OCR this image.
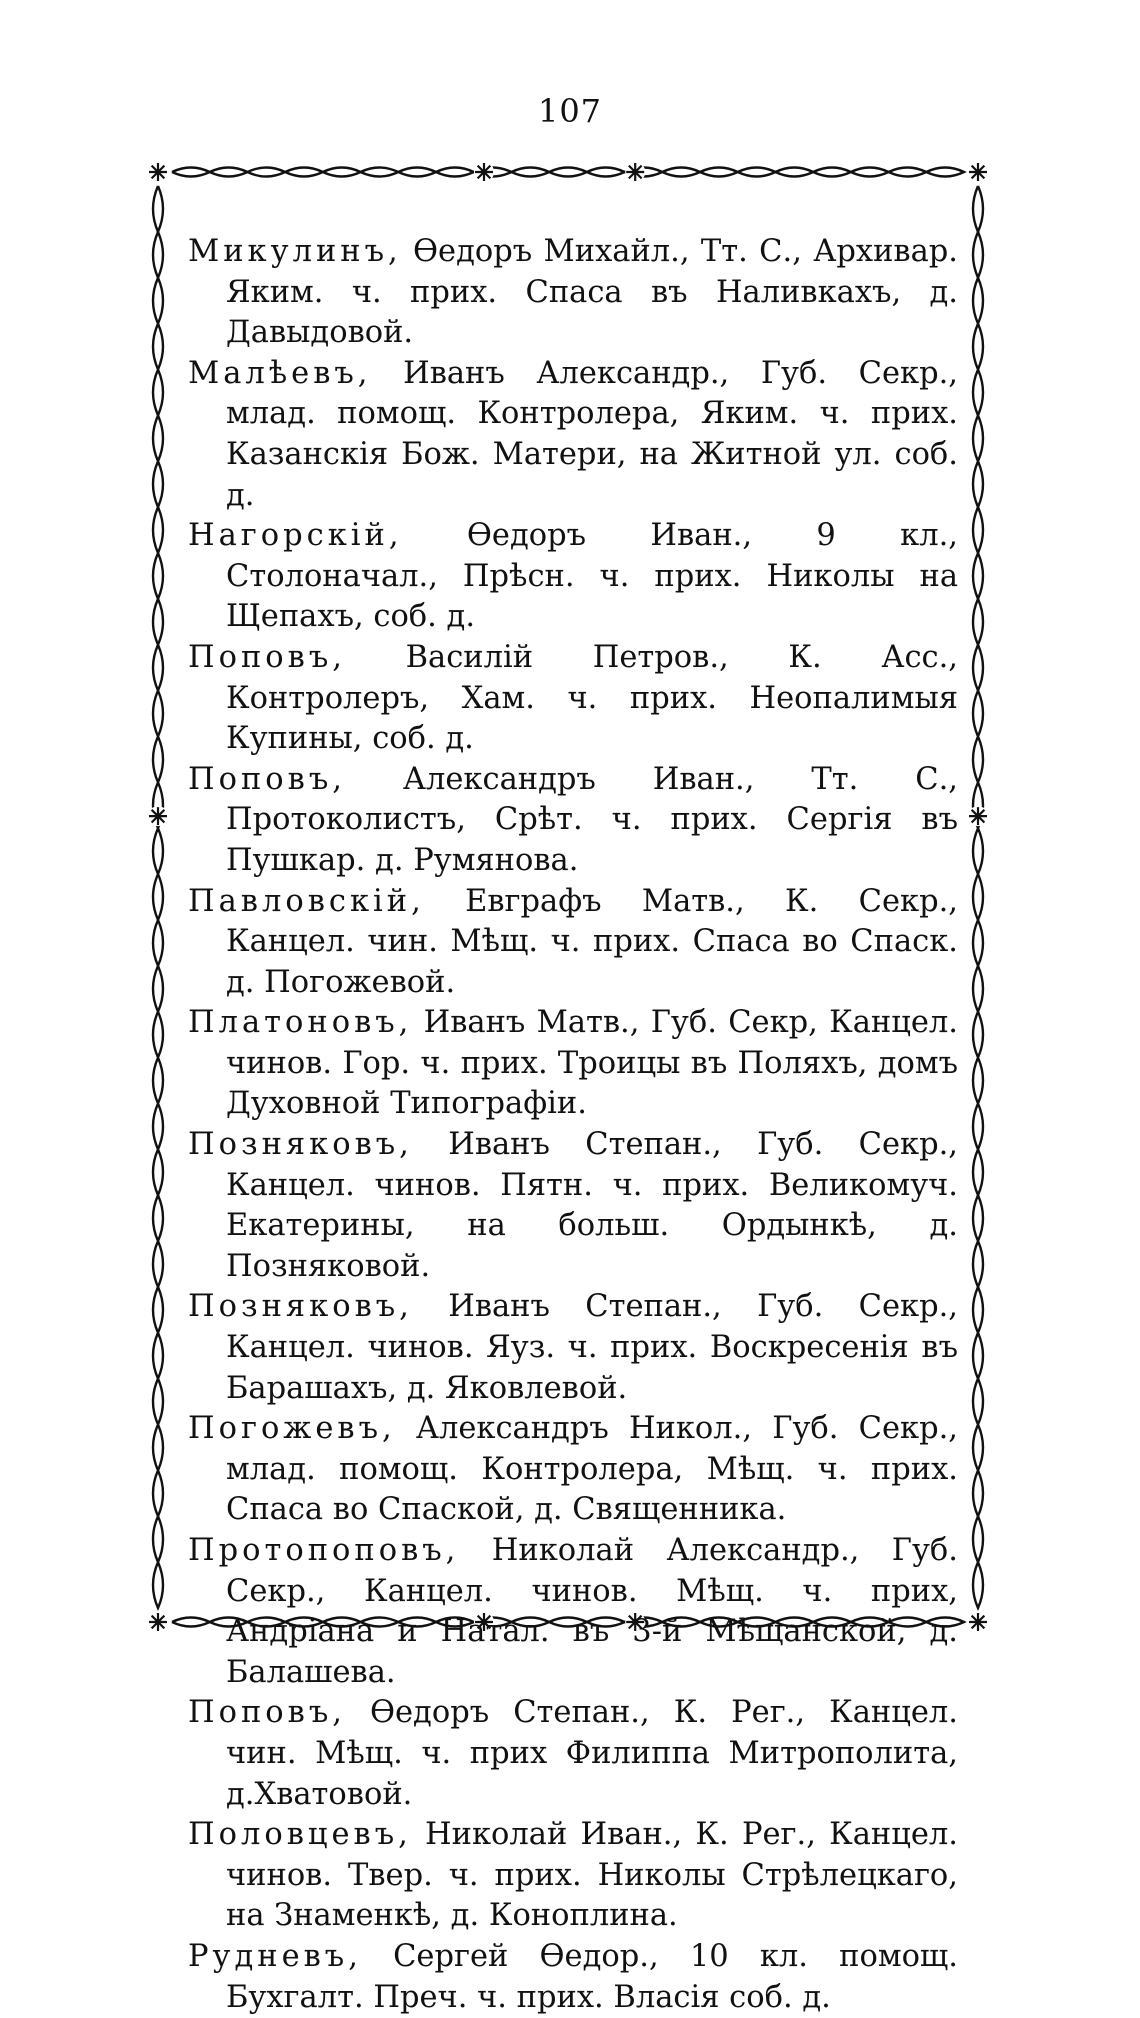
107

Микулинъ, Өедоръ Михайл., Тт. С., Архивар. Яким. ч. прих. Спаса въ Наливкахъ, д. Давыдовой.

Малѣевъ, Иванъ Александр., Губ. Секр., млад. помощ. Контролера, Яким. ч. прих. Казанскія Бож. Матери, на Житной ул. соб. д.

Нагорскій, Өедоръ Иван., 9 кл., Столоначал., Прѣсн. ч. прих. Николы на Щепахъ, соб. д.

Поповъ, Василій Петров., К. Асс., Контролеръ, Хам. ч. прих. Неопалимыя Купины, соб. д.

Поповъ, Александръ Иван., Тт. С., Протоколистъ, Срѣт. ч. прих. Сергія въ Пушкар. д. Румянова.

Павловскій, Евграфъ Матв., К. Секр., Канцел. чин. Мѣщ. ч. прих. Спаса во Спаск. д. Погожевой.

Платоновъ, Иванъ Матв., Губ. Секр, Канцел. чинов. Гор. ч. прих. Троицы въ Поляхъ, домъ Духовной Типографіи.

Позняковъ, Иванъ Степан., Губ. Секр., Канцел. чинов. Пятн. ч. прих. Великомуч. Екатерины, на больш. Ордынкѣ, д. Позняковой.

Позняковъ, Иванъ Степан., Губ. Секр., Канцел. чинов. Яуз. ч. прих. Воскресенія въ Барашахъ, д. Яковлевой.

Погожевъ, Александръ Никол., Губ. Секр., млад. помощ. Контролера, Мѣщ. ч. прих. Спаса во Спаской, д. Священника.

Протопоповъ, Николай Александр., Губ. Секр., Канцел. чинов. Мѣщ. ч. прих, Андріана и Натал. въ 3-й Мѣщанской, д. Балашева.

Поповъ, Өедоръ Степан., К. Рег., Канцел. чин. Мѣщ. ч. прих Филиппа Митрополита, д.Хватовой.

Половцевъ, Николай Иван., К. Рег., Канцел. чинов. Твер. ч. прих. Николы Стрѣлецкаго, на Знаменкѣ, д. Коноплина.

Рудневъ, Сергей Өедор., 10 кл. помощ. Бухгалт. Преч. ч. прих. Власія соб. д.
